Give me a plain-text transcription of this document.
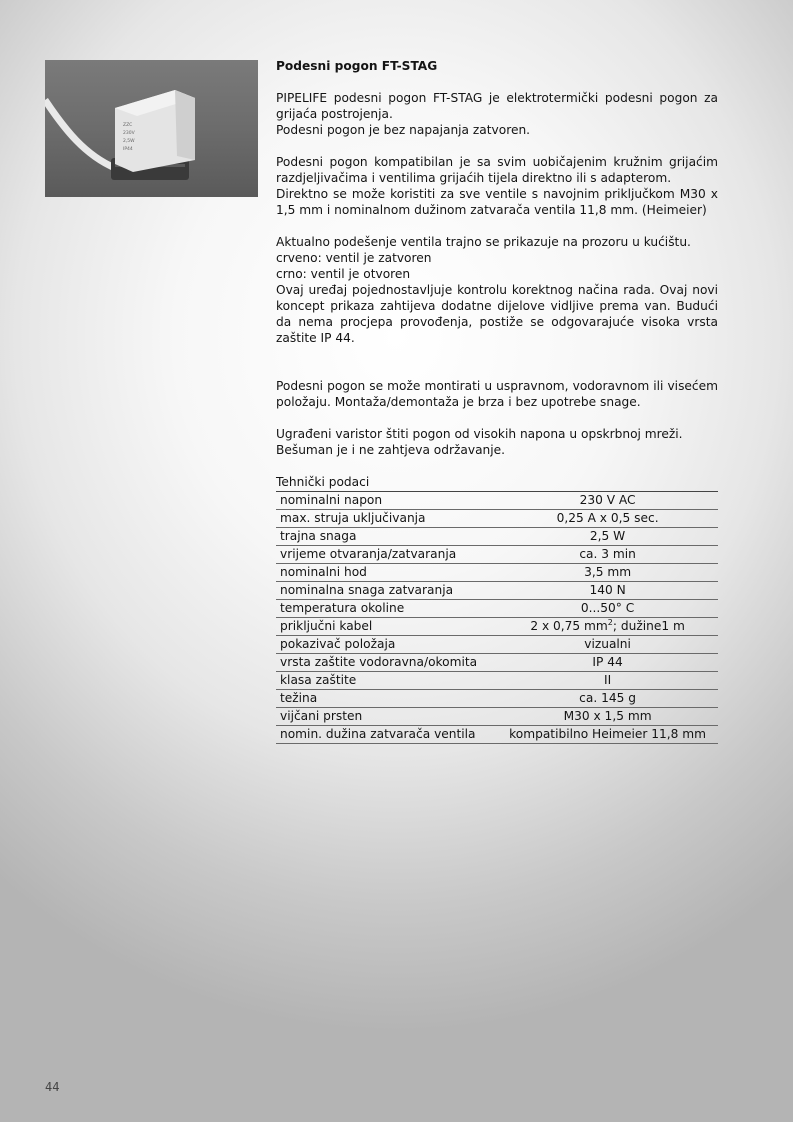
ZZC
230V
2,5W
IP44
Podesni pogon FT-STAG

PIPELIFE podesni pogon FT-STAG je elektrotermički podesni pogon za grijaća postrojenja.

Podesni pogon je bez napajanja zatvoren.

Podesni pogon kompatibilan je sa svim uobičajenim kružnim grijaćim razdjeljivačima i ventilima grijaćih tijela direktno ili s adapterom.

Direktno se može koristiti za sve ventile s navojnim priključkom M30 x 1,5 mm i nominalnom dužinom zatvarača ventila 11,8 mm. (Heimeier)

Aktualno podešenje ventila trajno se prikazuje na prozoru u kućištu.

crveno: ventil je zatvoren

crno: ventil je otvoren

Ovaj uređaj pojednostavljuje kontrolu korektnog načina rada. Ovaj novi koncept prikaza zahtijeva dodatne dijelove vidljive prema van. Budući da nema procjepa provođenja, postiže se odgovarajuće visoka vrsta zaštite IP 44.

Podesni pogon se može montirati u uspravnom, vodoravnom ili visećem položaju. Montaža/demontaža je brza i bez upotrebe snage.

Ugrađeni varistor štiti pogon od visokih napona u opskrbnoj mreži.

Bešuman je i ne zahtjeva održavanje.

Tehnički podaci
nominalni napon	230 V AC
max. struja uključivanja	0,25 A x 0,5 sec.
trajna snaga	2,5 W
vrijeme otvaranja/zatvaranja	ca. 3 min
nominalni hod	3,5 mm
nominalna snaga zatvaranja	140 N
temperatura okoline	0...50° C
priključni kabel	2 x 0,75 $mm^2$; dužine1 m
pokazivač položaja	vizualni
vrsta zaštite vodoravna/okomita	IP 44
klasa zaštite	II
težina	ca. 145 g
vijčani prsten	M30 x 1,5 mm
nomin. dužina zatvarača ventila	kompatibilno Heimeier 11,8 mm
44
